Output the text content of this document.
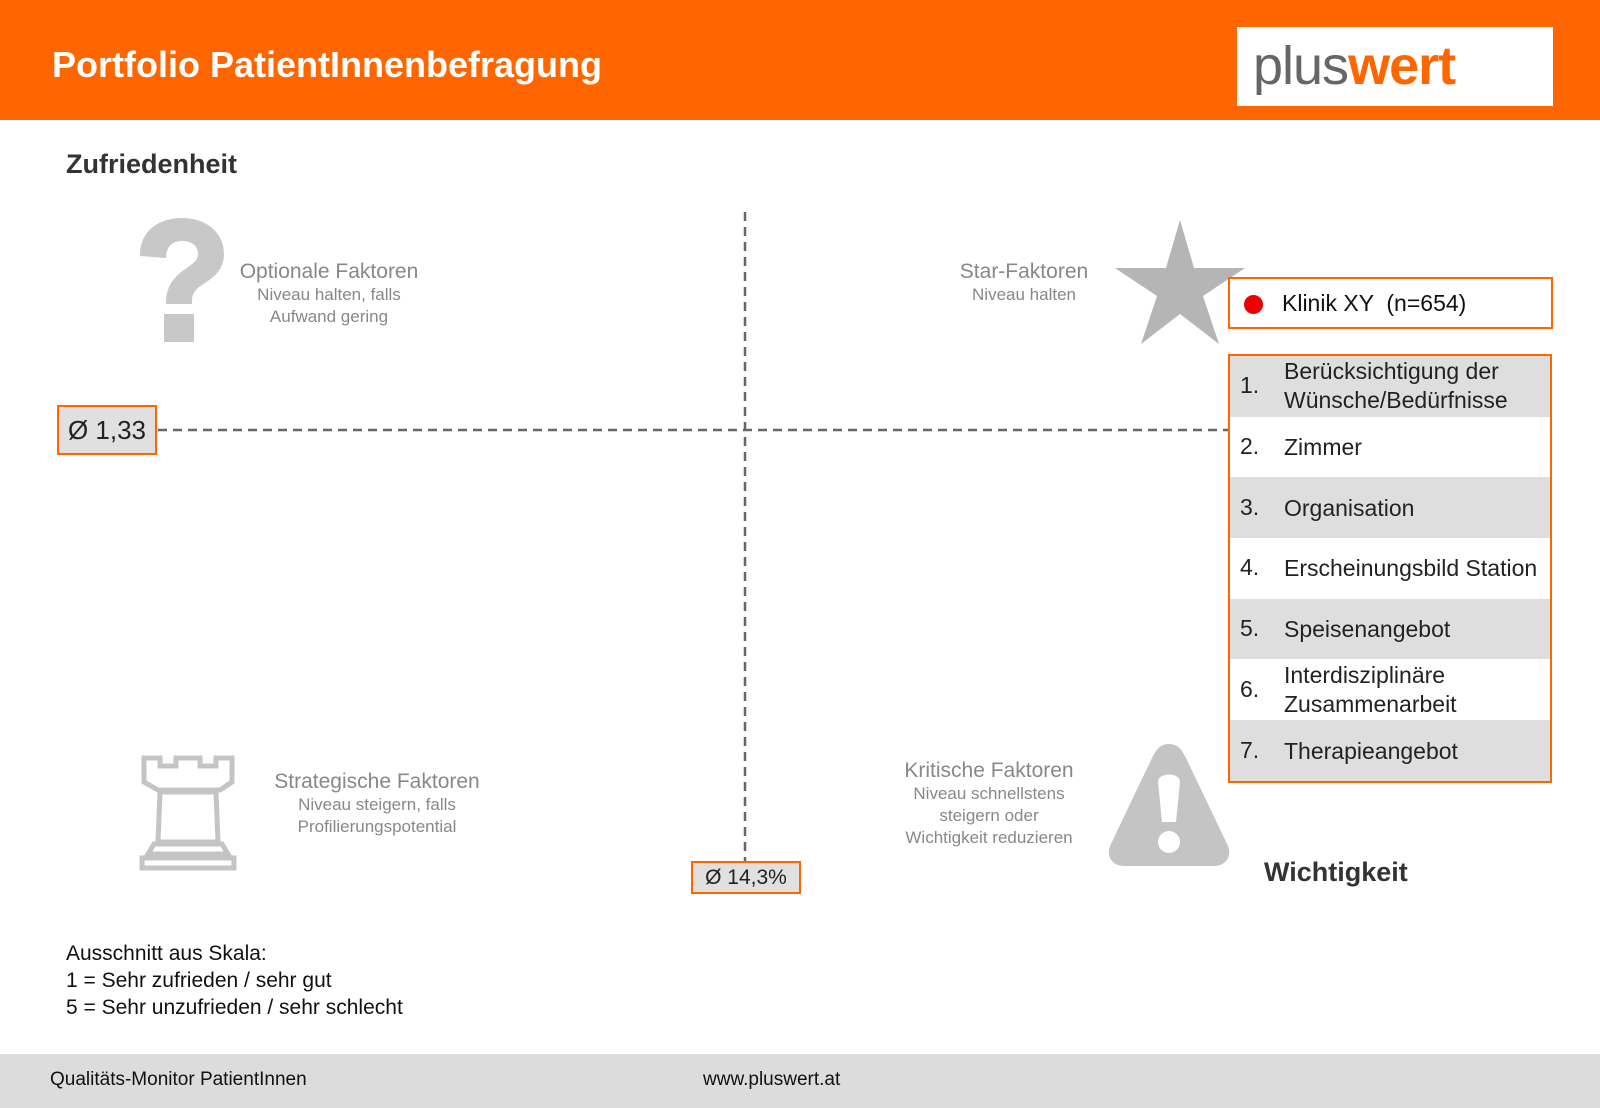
Portfolio PatientInnenbefragung	pluswert
Zufriedenheit
Wichtigkeit
Ø 1,33
Ø 14,3%
Optionale Faktoren
Niveau halten, falls
Aufwand gering
Star-Faktoren
Niveau halten
Strategische Faktoren
Niveau steigern, falls
Profilierungspotential
Kritische Faktoren
Niveau schnellstens
steigern oder
Wichtigkeit reduzieren
Klinik XY  (n=654)
1.
Berücksichtigung der
Wünsche/Bedürfnisse
2. Zimmer
3. Organisation
4. Erscheinungsbild Station
5. Speisenangebot
6.
Interdisziplinäre
Zusammenarbeit
7. Therapieangebot
Ausschnitt aus Skala:
1 = Sehr zufrieden / sehr gut
5 = Sehr unzufrieden / sehr schlecht
Qualitäts-Monitor PatientInnen	www.pluswert.at
